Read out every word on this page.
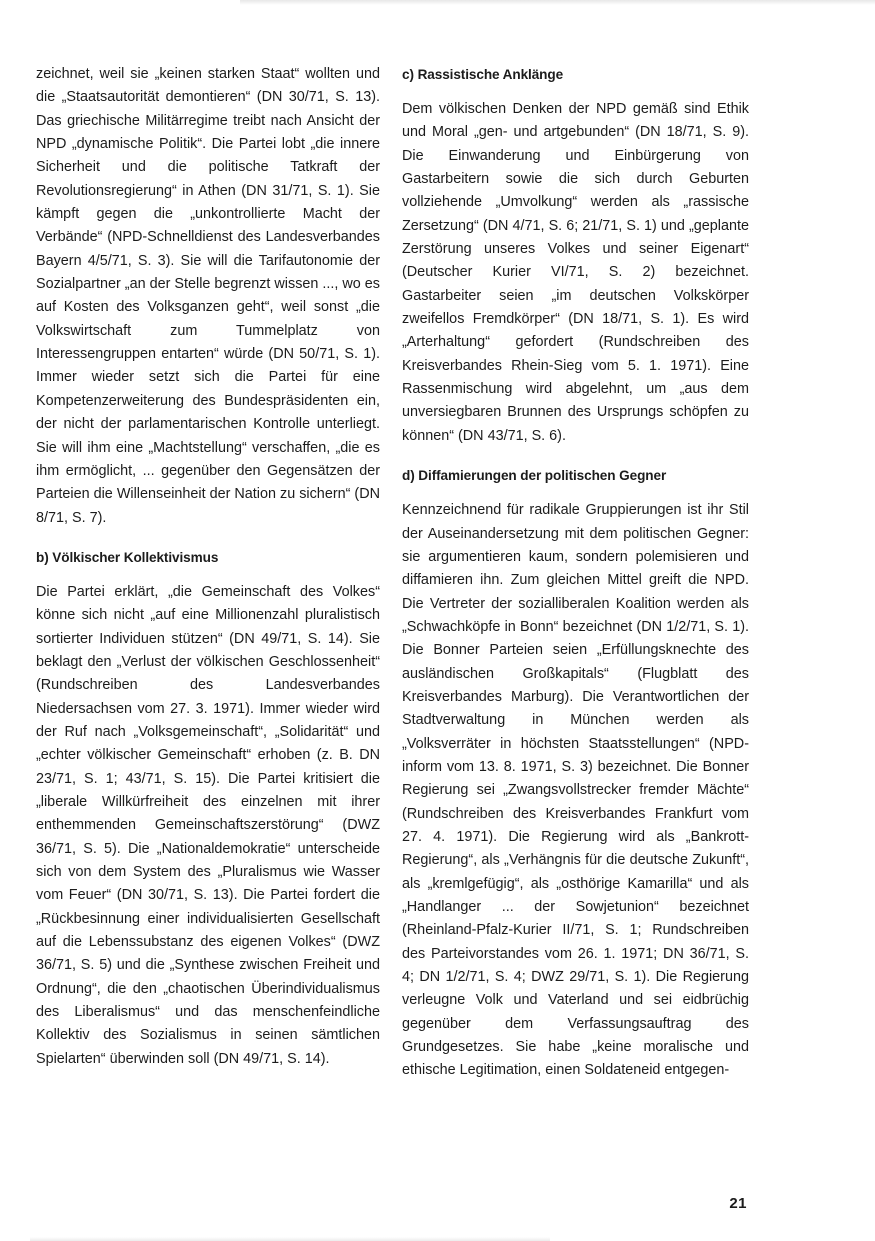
zeichnet, weil sie „keinen starken Staat“ wollten und die „Staatsautorität demontieren“ (DN 30/71, S. 13). Das griechische Militärregime treibt nach Ansicht der NPD „dynamische Politik“. Die Partei lobt „die innere Sicherheit und die politische Tatkraft der Revolutionsregierung“ in Athen (DN 31/71, S. 1). Sie kämpft gegen die „unkontrollierte Macht der Verbände“ (NPD-Schnelldienst des Landesverbandes Bayern 4/5/71, S. 3). Sie will die Tarifautonomie der Sozialpartner „an der Stelle begrenzt wissen ..., wo es auf Kosten des Volksganzen geht“, weil sonst „die Volkswirtschaft zum Tummelplatz von Interessengruppen entarten“ würde (DN 50/71, S. 1). Immer wieder setzt sich die Partei für eine Kompetenzerweiterung des Bundespräsidenten ein, der nicht der parlamentarischen Kontrolle unterliegt. Sie will ihm eine „Machtstellung“ verschaffen, „die es ihm ermöglicht, ... gegenüber den Gegensätzen der Parteien die Willenseinheit der Nation zu sichern“ (DN 8/71, S. 7).

b) Völkischer Kollektivismus

Die Partei erklärt, „die Gemeinschaft des Volkes“ könne sich nicht „auf eine Millionenzahl pluralistisch sortierter Individuen stützen“ (DN 49/71, S. 14). Sie beklagt den „Verlust der völkischen Geschlossenheit“ (Rundschreiben des Landesverbandes Niedersachsen vom 27. 3. 1971). Immer wieder wird der Ruf nach „Volksgemeinschaft“, „Solidarität“ und „echter völkischer Gemeinschaft“ erhoben (z. B. DN 23/71, S. 1; 43/71, S. 15). Die Partei kritisiert die „liberale Willkürfreiheit des einzelnen mit ihrer enthemmenden Gemeinschaftszerstörung“ (DWZ 36/71, S. 5). Die „Nationaldemokratie“ unterscheide sich von dem System des „Pluralismus wie Wasser vom Feuer“ (DN 30/71, S. 13). Die Partei fordert die „Rückbesinnung einer individualisierten Gesellschaft auf die Lebenssubstanz des eigenen Volkes“ (DWZ 36/71, S. 5) und die „Synthese zwischen Freiheit und Ordnung“, die den „chaotischen Überindividualismus des Liberalismus“ und das menschenfeindliche Kollektiv des Sozialismus in seinen sämtlichen Spielarten“ überwinden soll (DN 49/71, S. 14).

c) Rassistische Anklänge

Dem völkischen Denken der NPD gemäß sind Ethik und Moral „gen- und artgebunden“ (DN 18/71, S. 9). Die Einwanderung und Einbürgerung von Gastarbeitern sowie die sich durch Geburten vollziehende „Umvolkung“ werden als „rassische Zersetzung“ (DN 4/71, S. 6; 21/71, S. 1) und „geplante Zerstörung unseres Volkes und seiner Eigenart“ (Deutscher Kurier VI/71, S. 2) bezeichnet. Gastarbeiter seien „im deutschen Volkskörper zweifellos Fremdkörper“ (DN 18/71, S. 1). Es wird „Arterhaltung“ gefordert (Rundschreiben des Kreisverbandes Rhein-Sieg vom 5. 1. 1971). Eine Rassenmischung wird abgelehnt, um „aus dem unversiegbaren Brunnen des Ursprungs schöpfen zu können“ (DN 43/71, S. 6).

d) Diffamierungen der politischen Gegner

Kennzeichnend für radikale Gruppierungen ist ihr Stil der Auseinandersetzung mit dem politischen Gegner: sie argumentieren kaum, sondern polemisieren und diffamieren ihn. Zum gleichen Mittel greift die NPD. Die Vertreter der sozialliberalen Koalition werden als „Schwachköpfe in Bonn“ bezeichnet (DN 1/2/71, S. 1). Die Bonner Parteien seien „Erfüllungsknechte des ausländischen Großkapitals“ (Flugblatt des Kreisverbandes Marburg). Die Verantwortlichen der Stadtverwaltung in München werden als „Volksverräter in höchsten Staatsstellungen“ (NPD-inform vom 13. 8. 1971, S. 3) bezeichnet. Die Bonner Regierung sei „Zwangsvollstrecker fremder Mächte“ (Rundschreiben des Kreisverbandes Frankfurt vom 27. 4. 1971). Die Regierung wird als „Bankrott-Regierung“, als „Verhängnis für die deutsche Zukunft“, als „kremlgefügig“, als „osthörige Kamarilla“ und als „Handlanger ... der Sowjetunion“ bezeichnet (Rheinland-Pfalz-Kurier II/71, S. 1; Rundschreiben des Parteivorstandes vom 26. 1. 1971; DN 36/71, S. 4; DN 1/2/71, S. 4; DWZ 29/71, S. 1). Die Regierung verleugne Volk und Vaterland und sei eidbrüchig gegenüber dem Verfassungsauftrag des Grundgesetzes. Sie habe „keine moralische und ethische Legitimation, einen Soldateneid entgegen-

21
